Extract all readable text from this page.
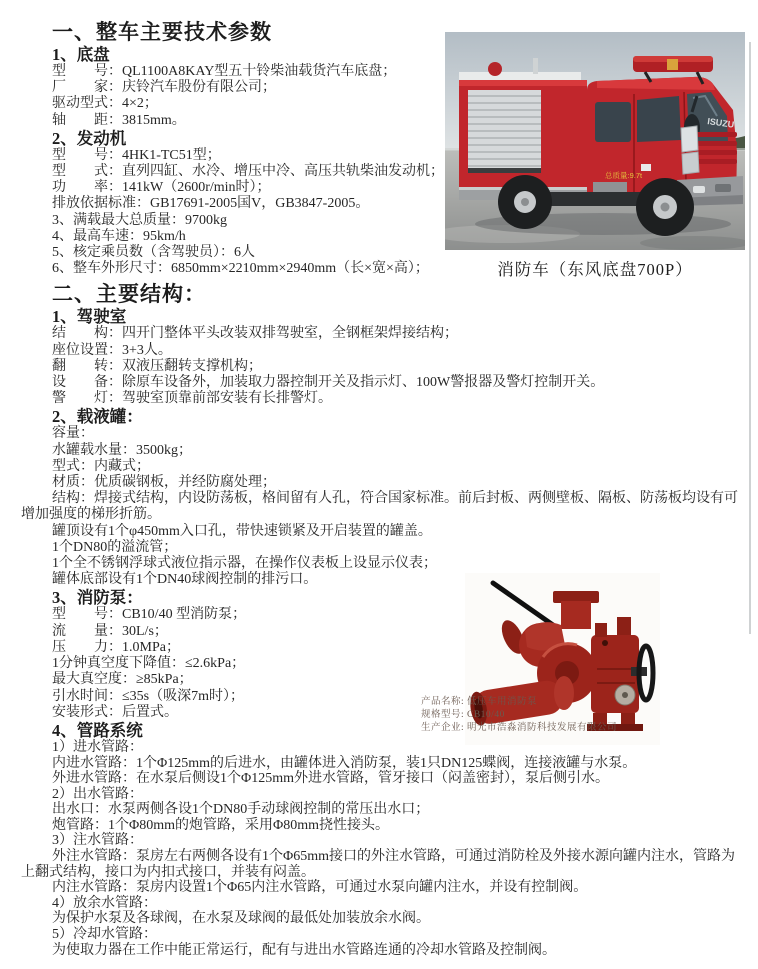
一、整车主要技术参数
1、底盘

型　　号：QL1100A8KAY型五十铃柴油载货汽车底盘；

厂　　家：庆铃汽车股份有限公司；

驱动型式：4×2；

轴　　距：3815mm。

2、发动机

型　　号：4HK1-TC51型；

型　　式：直列四缸、水冷、增压中冷、高压共轨柴油发动机；

功　　率：141kW（2600r/min时）；

排放依据标准：GB17691-2005国V，GB3847-2005。

3、满载最大总质量：9700kg

4、最高车速：95km/h

5、核定乘员数（含驾驶员）：6人

6、整车外形尺寸：6850mm×2210mm×2940mm（长×宽×高）；

二、主要结构：
1、驾驶室

结　　构：四开门整体平头改装双排驾驶室，全钢框架焊接结构；

座位设置：3+3人。

翻　　转：双液压翻转支撑机构；

设　　备：除原车设备外，加装取力器控制开关及指示灯、100W警报器及警灯控制开关。

警　　灯：驾驶室顶靠前部安装有长排警灯。

2、载液罐：

容量：

水罐载水量：3500kg；

型式：内藏式；

材质：优质碳钢板，并经防腐处理；

结构：焊接式结构，内设防荡板，格间留有人孔，符合国家标准。前后封板、两侧壁板、隔板、防荡板均设有可增加强度的梯形折筋。

罐顶设有1个φ450mm入口孔，带快速锁紧及开启装置的罐盖。

1个DN80的溢流管；

1个全不锈钢浮球式液位指示器，在操作仪表板上设显示仪表；

罐体底部设有1个DN40球阀控制的排污口。

3、消防泵：

型　　号：CB10/40 型消防泵；

流　　量：30L/s；

压　　力：1.0MPa；

1分钟真空度下降值：≤2.6kPa；

最大真空度：≥85kPa；

引水时间：≤35s（吸深7m时）；

安装形式：后置式。

4、管路系统

1）进水管路：

内进水管路：1个Φ125mm的后进水，由罐体进入消防泵，装1只DN125蝶阀，连接液罐与水泵。

外进水管路：在水泵后侧设1个Φ125mm外进水管路，管牙接口（闷盖密封），泵后侧引水。

2）出水管路：

出水口：水泵两侧各设1个DN80手动球阀控制的常压出水口；

炮管路：1个Φ80mm的炮管路，采用Φ80mm挠性接头。

3）注水管路：

外注水管路：泵房左右两侧各设有1个Φ65mm接口的外注水管路，可通过消防栓及外接水源向罐内注水，管路为上翻式结构，接口为内扣式接口，并装有闷盖。

内注水管路：泵房内设置1个Φ65内注水管路，可通过水泵向罐内注水，并设有控制阀。

4）放余水管路：

为保护水泵及各球阀，在水泵及球阀的最低处加装放余水阀。

5）冷却水管路：

为使取力器在工作中能正常运行，配有与进出水管路连通的冷却水管路及控制阀。

ISUZU
总质量:9.7t
消防车（东风底盘700P）
产品名称: 低压车用消防泵
规格型号: CB10/40
生产企业: 明光市浩淼消防科技发展有限公司
